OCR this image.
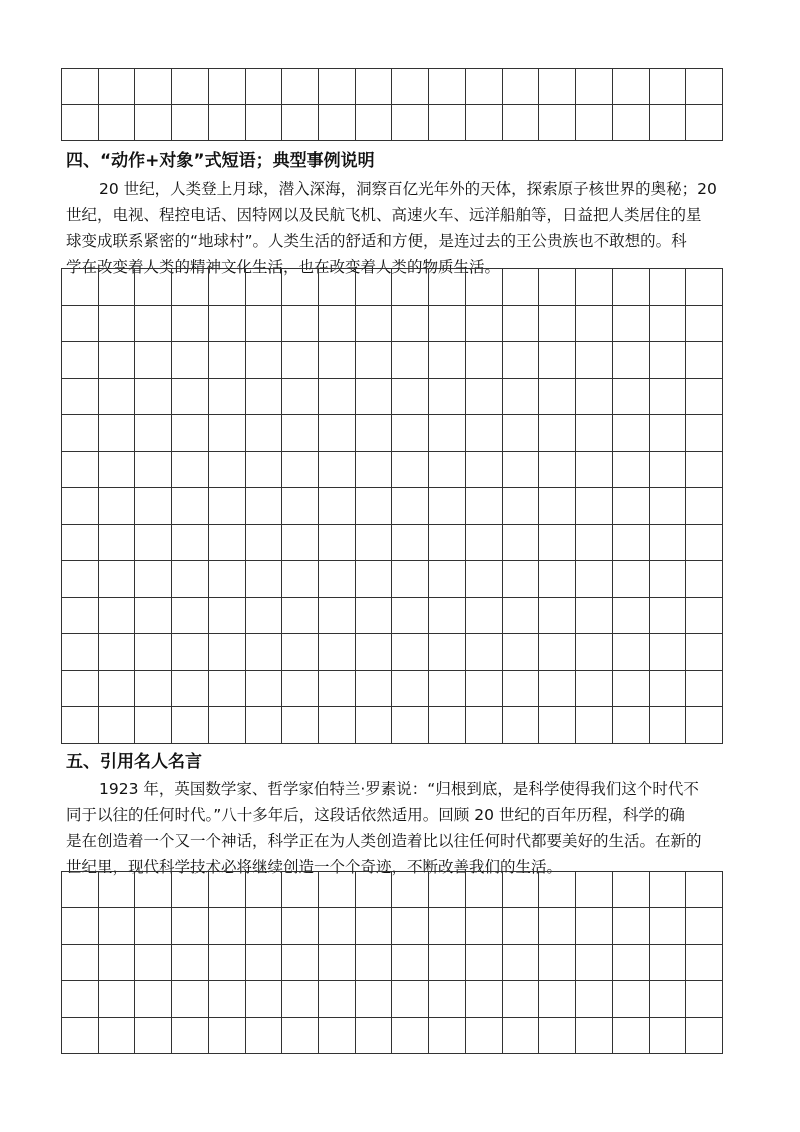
四、“动作+对象”式短语；典型事例说明
20 世纪，人类登上月球，潜入深海，洞察百亿光年外的天体，探索原子核世界的奥秘；20
世纪，电视、程控电话、因特网以及民航飞机、高速火车、远洋船舶等，日益把人类居住的星
球变成联系紧密的“地球村”。人类生活的舒适和方便，是连过去的王公贵族也不敢想的。科
学在改变着人类的精神文化生活，也在改变着人类的物质生活。
五、引用名人名言
1923 年，英国数学家、哲学家伯特兰·罗素说：“归根到底，是科学使得我们这个时代不
同于以往的任何时代。”八十多年后，这段话依然适用。回顾 20 世纪的百年历程，科学的确
是在创造着一个又一个神话，科学正在为人类创造着比以往任何时代都要美好的生活。在新的
世纪里，现代科学技术必将继续创造一个个奇迹，不断改善我们的生活。
